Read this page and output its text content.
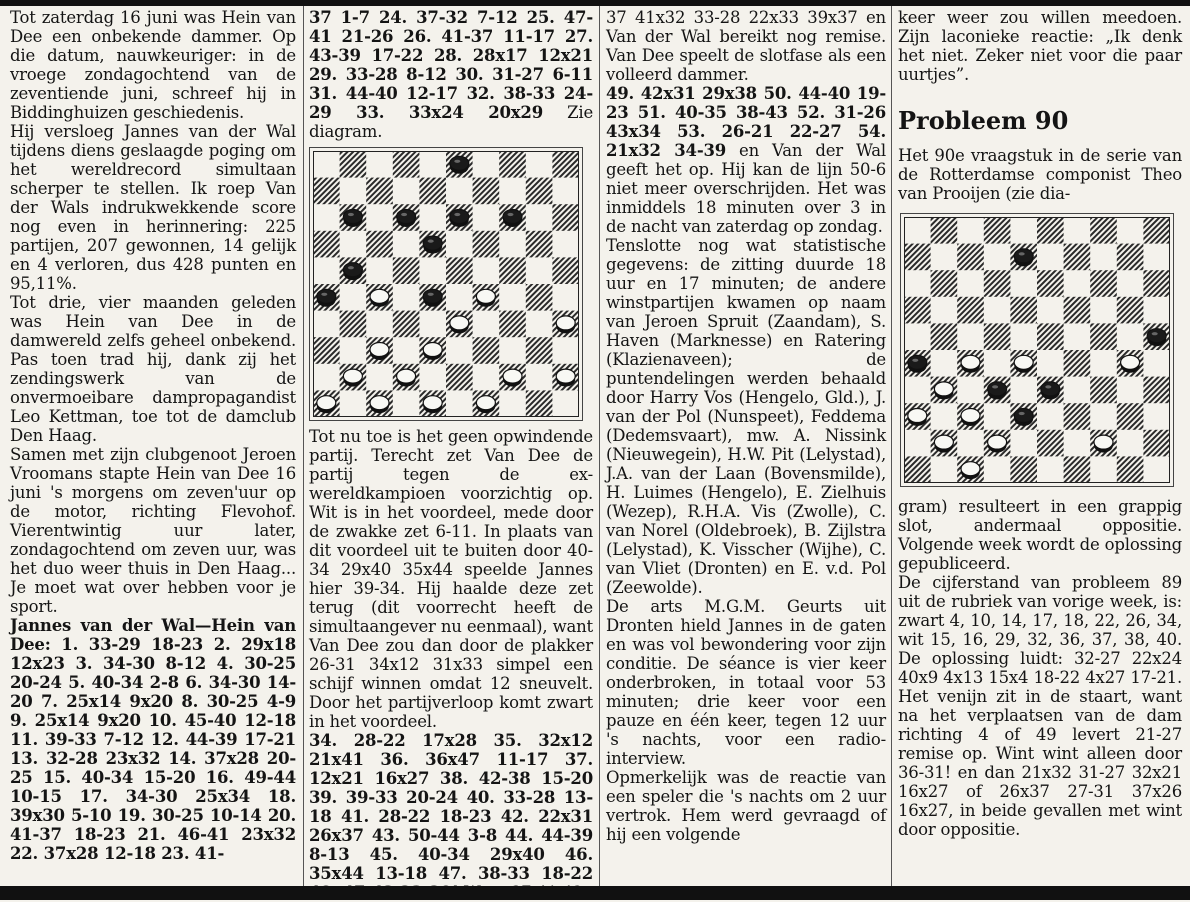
Tot zaterdag 16 juni was Hein van Dee een onbekende dammer. Op die datum, nauwkeuriger: in de vroege zondagochtend van de zeventiende juni, schreef hij in Biddinghuizen geschiedenis.

Hij versloeg Jannes van der Wal tijdens diens geslaagde poging om het wereldrecord simultaan scherper te stellen. Ik roep Van der Wals indrukwekkende score nog even in herinnering: 225 partijen, 207 gewonnen, 14 gelijk en 4 verloren, dus 428 punten en 95,11%.

Tot drie, vier maanden geleden was Hein van Dee in de damwereld zelfs geheel onbekend. Pas toen trad hij, dank zij het zendingswerk van de onvermoeibare dampropagandist Leo Kettman, toe tot de damclub Den Haag.

Samen met zijn clubgenoot Jeroen Vroomans stapte Hein van Dee 16 juni 's morgens om zeven'uur op de motor, richting Flevohof. Vierentwintig uur later, zondagochtend om zeven uur, was het duo weer thuis in Den Haag... Je moet wat over hebben voor je sport.

Jannes van der Wal—Hein van Dee: 1. 33-29 18-23 2. 29x18 12x23 3. 34-30 8-12 4. 30-25 20-24 5. 40-34 2-8 6. 34-30 14-20 7. 25x14 9x20 8. 30-25 4-9 9. 25x14 9x20 10. 45-40 12-18 11. 39-33 7-12 12. 44-39 17-21 13. 32-28 23x32 14. 37x28 20-25 15. 40-34 15-20 16. 49-44 10-15 17. 34-30 25x34 18. 39x30 5-10 19. 30-25 10-14 20. 41-37 18-23 21. 46-41 23x32 22. 37x28 12-18 23. 41-

37 1-7 24. 37-32 7-12 25. 47-41 21-26 26. 41-37 11-17 27. 43-39 17-22 28. 28x17 12x21 29. 33-28 8-12 30. 31-27 6-11 31. 44-40 12-17 32. 38-33 24-29 33. 33x24 20x29 Zie diagram.

Tot nu toe is het geen opwindende partij. Terecht zet Van Dee de partij tegen de ex-wereldkampioen voorzichtig op. Wit is in het voordeel, mede door de zwakke zet 6-11. In plaats van dit voordeel uit te buiten door 40-34 29x40 35x44 speelde Jannes hier 39-34. Hij haalde deze zet terug (dit voorrecht heeft de simultaangever nu eenmaal), want Van Dee zou dan door de plakker 26-31 34x12 31x33 simpel een schijf winnen omdat 12 sneuvelt. Door het partijverloop komt zwart in het voordeel.

34. 28-22 17x28 35. 32x12 21x41 36. 36x47 11-17 37. 12x21 16x27 38. 42-38 15-20 39. 39-33 20-24 40. 33-28 13-18 41. 28-22 18-23 42. 22x31 26x37 43. 50-44 3-8 44. 44-39 8-13 45. 40-34 29x40 46. 35x44 13-18 47. 38-33 18-22

37 41x32 33-28 22x33 39x37 en Van der Wal bereikt nog remise. Van Dee speelt de slotfase als een volleerd dammer.

49. 42x31 29x38 50. 44-40 19-23 51. 40-35 38-43 52. 31-26 43x34 53. 26-21 22-27 54. 21x32 34-39 en Van der Wal geeft het op. Hij kan de lijn 50-6 niet meer overschrijden. Het was inmiddels 18 minuten over 3 in de nacht van zaterdag op zondag.

Tenslotte nog wat statistische gegevens: de zitting duurde 18 uur en 17 minuten; de andere winstpartijen kwamen op naam van Jeroen Spruit (Zaandam), S. Haven (Marknesse) en Ratering (Klazienaveen); de puntendelingen werden behaald door Harry Vos (Hengelo, Gld.), J. van der Pol (Nunspeet), Feddema (Dedemsvaart), mw. A. Nissink (Nieuwegein), H.W. Pit (Lelystad), J.A. van der Laan (Bovensmilde), H. Luimes (Hengelo), E. Zielhuis (Wezep), R.H.A. Vis (Zwolle), C. van Norel (Oldebroek), B. Zijlstra (Lelystad), K. Visscher (Wijhe), C. van Vliet (Dronten) en E. v.d. Pol (Zeewolde).

De arts M.G.M. Geurts uit Dronten hield Jannes in de gaten en was vol bewondering voor zijn conditie. De séance is vier keer onderbroken, in totaal voor 53 minuten; drie keer voor een pauze en één keer, tegen 12 uur 's nachts, voor een radio-interview.

Opmerkelijk was de reactie van een speler die 's nachts om 2 uur vertrok. Hem werd gevraagd of hij een volgende

keer weer zou willen meedoen. Zijn laconieke reactie: „Ik denk het niet. Zeker niet voor die paar uurtjes”.

Probleem 90

Het 90e vraagstuk in de serie van de Rotterdamse componist Theo van Prooijen (zie dia-

gram) resulteert in een grappig slot, andermaal oppositie. Volgende week wordt de oplossing gepubliceerd.

De cijferstand van probleem 89 uit de rubriek van vorige week, is: zwart 4, 10, 14, 17, 18, 22, 26, 34, wit 15, 16, 29, 32, 36, 37, 38, 40. De oplossing luidt: 32-27 22x24 40x9 4x13 15x4 18-22 4x27 17-21. Het venijn zit in de staart, want na het verplaatsen van de dam richting 4 of 49 levert 21-27 remise op. Wint wint alleen door 36-31! en dan 21x32 31-27 32x21 16x27 of 26x37 27-31 37x26 16x27, in beide gevallen met wint door oppositie.
